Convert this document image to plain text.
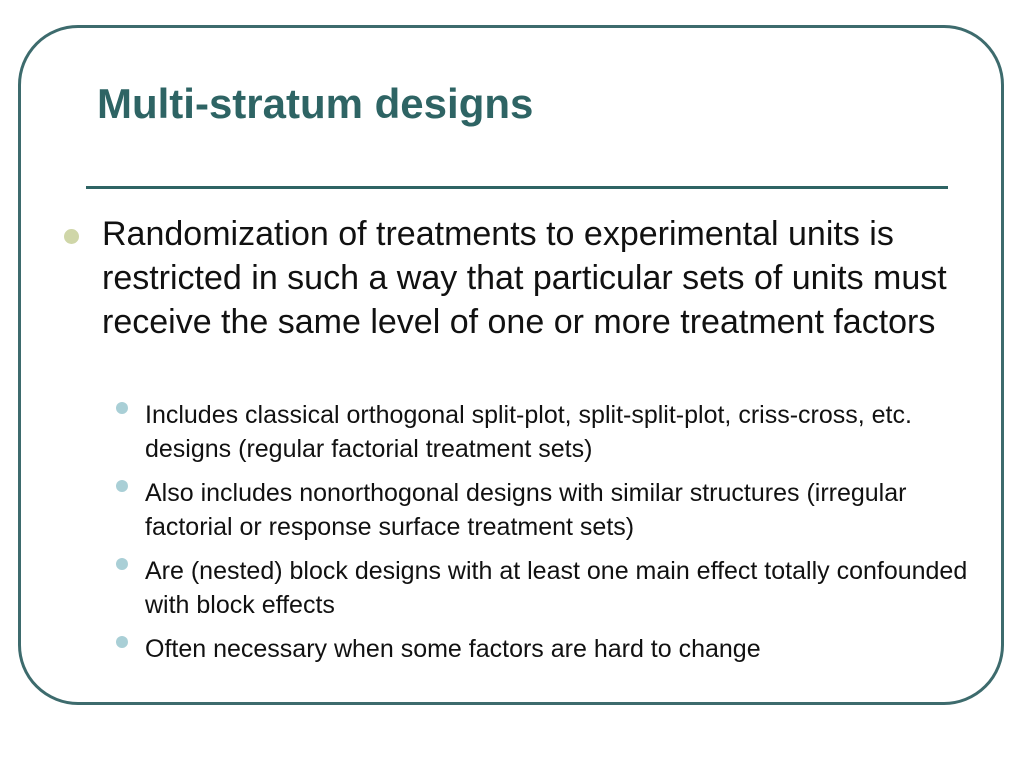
Multi-stratum designs
Randomization of treatments to experimental units is restricted in such a way that particular sets of units must receive the same level of one or more treatment factors
Includes classical orthogonal split-plot, split-split-plot, criss-cross, etc. designs (regular factorial treatment sets)
Also includes nonorthogonal designs with similar structures (irregular factorial or response surface treatment sets)
Are (nested) block designs with at least one main effect totally confounded with block effects
Often necessary when some factors are hard to change
